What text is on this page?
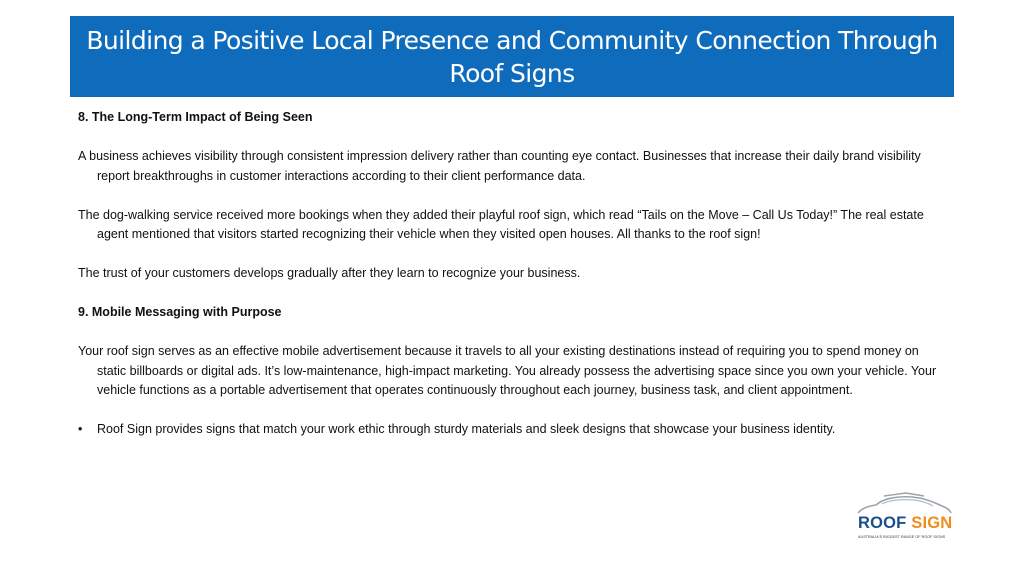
Building a Positive Local Presence and Community Connection Through Roof Signs

8. The Long-Term Impact of Being Seen

A business achieves visibility through consistent impression delivery rather than counting eye contact. Businesses that increase their daily brand visibility report breakthroughs in customer interactions according to their client performance data.

The dog-walking service received more bookings when they added their playful roof sign, which read “Tails on the Move – Call Us Today!” The real estate agent mentioned that visitors started recognizing their vehicle when they visited open houses. All thanks to the roof sign!

The trust of your customers develops gradually after they learn to recognize your business.

9. Mobile Messaging with Purpose

Your roof sign serves as an effective mobile advertisement because it travels to all your existing destinations instead of requiring you to spend money on static billboards or digital ads. It’s low-maintenance, high-impact marketing. You already possess the advertising space since you own your vehicle. Your vehicle functions as a portable advertisement that operates continuously throughout each journey, business task, and client appointment.

•	Roof Sign provides signs that match your work ethic through sturdy materials and sleek designs that showcase your business identity.
ROOF SIGN
AUSTRALIA'S BIGGEST RANGE OF ROOF SIGNS
